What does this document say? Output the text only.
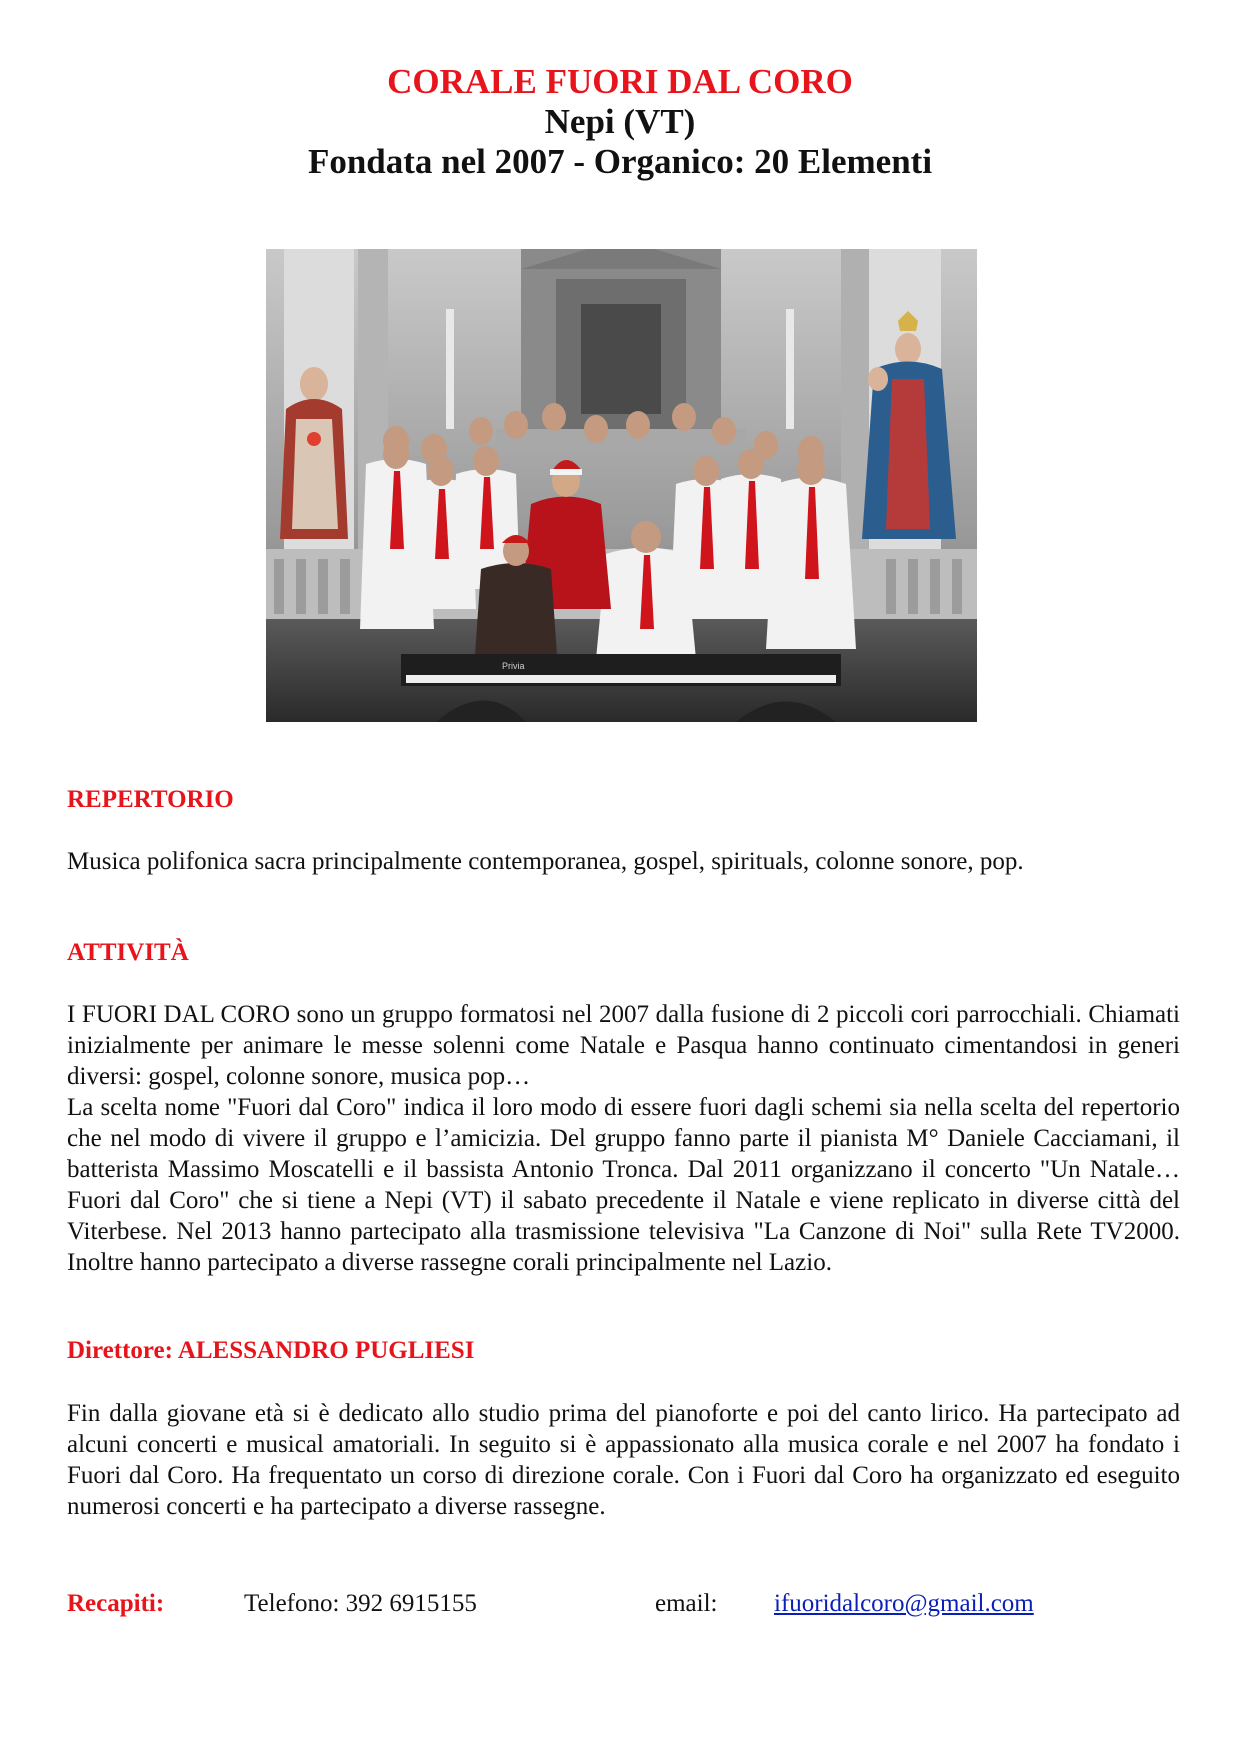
CORALE FUORI DAL CORO
Nepi (VT)
Fondata nel 2007 - Organico: 20 Elementi
Privia
REPERTORIO

Musica polifonica sacra principalmente contemporanea, gospel, spirituals, colonne sonore, pop.

ATTIVITÀ

I FUORI DAL CORO sono un gruppo formatosi nel 2007 dalla fusione di 2 piccoli cori parrocchiali. Chiamati inizialmente per animare le messe solenni come Natale e Pasqua hanno continuato cimentandosi in generi diversi: gospel, colonne sonore, musica pop…

La scelta nome "Fuori dal Coro" indica il loro modo di essere fuori dagli schemi sia nella scelta del repertorio che nel modo di vivere il gruppo e l’amicizia. Del gruppo fanno parte il pianista M° Daniele Cacciamani, il batterista Massimo Moscatelli e il bassista Antonio Tronca. Dal 2011 organizzano il concerto "Un Natale… Fuori dal Coro" che si tiene a Nepi (VT) il sabato precedente il Natale e viene replicato in diverse città del Viterbese. Nel 2013 hanno partecipato alla trasmissione televisiva "La Canzone di Noi" sulla Rete TV2000. Inoltre hanno partecipato a diverse rassegne corali principalmente nel Lazio.

Direttore: ALESSANDRO PUGLIESI

Fin dalla giovane età si è dedicato allo studio prima del pianoforte e poi del canto lirico. Ha partecipato ad alcuni concerti e musical amatoriali. In seguito si è appassionato alla musica corale e nel 2007 ha fondato i Fuori dal Coro. Ha frequentato un corso di direzione corale. Con i Fuori dal Coro ha organizzato ed eseguito numerosi concerti e ha partecipato a diverse rassegne.

Recapiti:	Telefono: 392 6915155	email: ifuoridalcoro@gmail.com
